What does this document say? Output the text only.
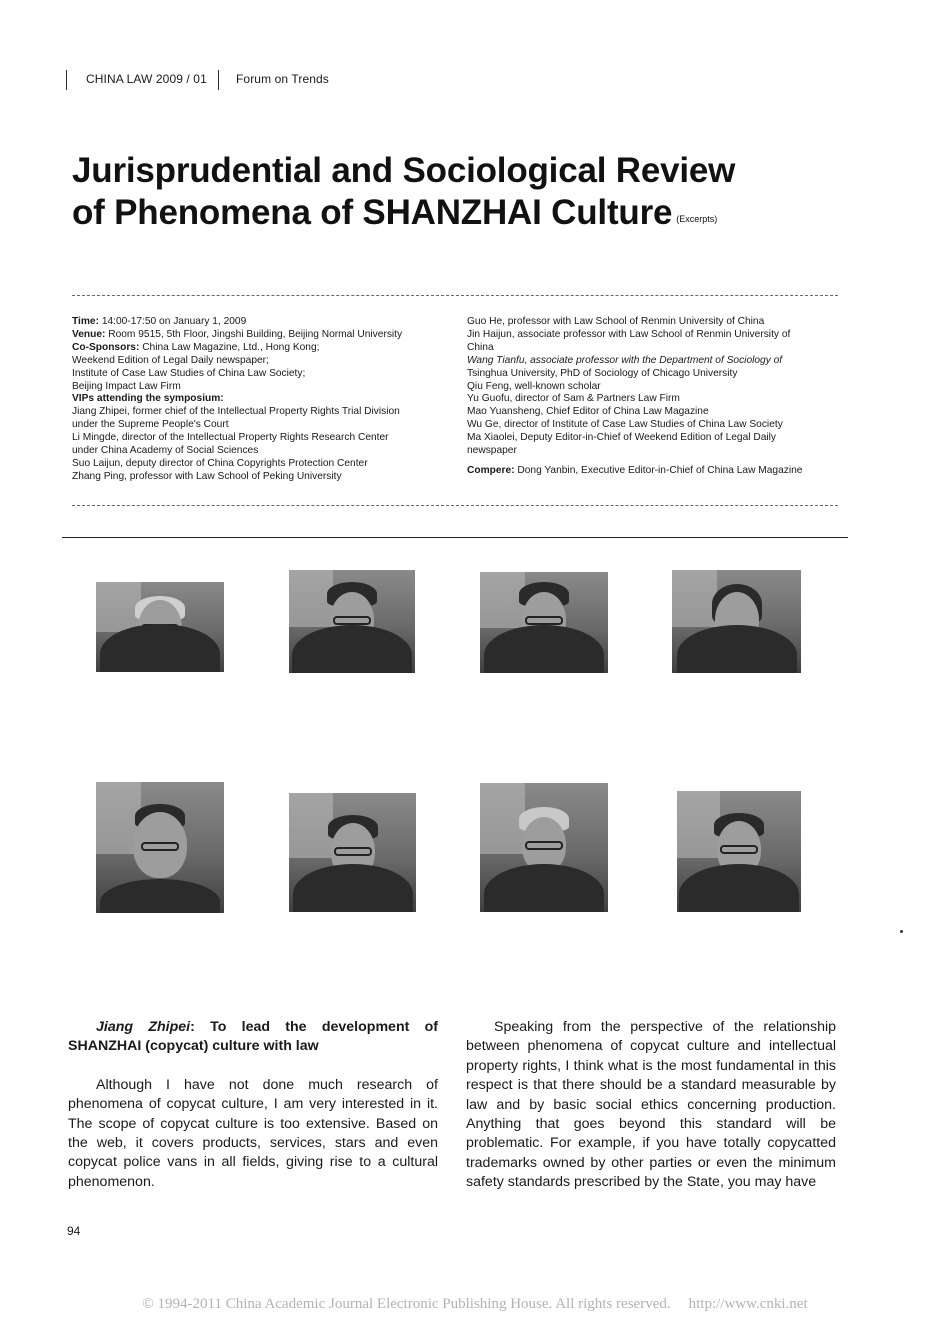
CHINA LAW 2009 / 01 Forum on Trends
Jurisprudential and Sociological Review
of Phenomena of SHANZHAI Culture (Excerpts)
Time: 14:00-17:50 on January 1, 2009
Venue: Room 9515, 5th Floor, Jingshi Building, Beijing Normal University
Co-Sponsors: China Law Magazine, Ltd., Hong Kong;
Weekend Edition of Legal Daily newspaper;
Institute of Case Law Studies of China Law Society;
Beijing Impact Law Firm
VIPs attending the symposium:
Jiang Zhipei, former chief of the Intellectual Property Rights Trial Division
under the Supreme People's Court
Li Mingde, director of the Intellectual Property Rights Research Center
under China Academy of Social Sciences
Suo Laijun, deputy director of China Copyrights Protection Center
Zhang Ping, professor with Law School of Peking University
Guo He, professor with Law School of Renmin University of China
Jin Haijun, associate professor with Law School of Renmin University of
China
Wang Tianfu, associate professor with the Department of Sociology of
Tsinghua University, PhD of Sociology of Chicago University
Qiu Feng, well-known scholar
Yu Guofu, director of Sam & Partners Law Firm
Mao Yuansheng, Chief Editor of China Law Magazine
Wu Ge, director of Institute of Case Law Studies of China Law Society
Ma Xiaolei, Deputy Editor-in-Chief of Weekend Edition of Legal Daily
newspaper
Compere: Dong Yanbin, Executive Editor-in-Chief of China Law Magazine

Jiang Zhipei: To lead the development of SHANZHAI (copycat) culture with law

Although I have not done much research of phenomena of copycat culture, I am very interested in it. The scope of copycat culture is too extensive. Based on the web, it covers products, services, stars and even copycat police vans in all fields, giving rise to a cultural phenomenon.

Speaking from the perspective of the relationship between phenomena of copycat culture and intellectual property rights, I think what is the most fundamental in this respect is that there should be a standard measurable by law and by basic social ethics concerning production. Anything that goes beyond this standard will be problematic. For example, if you have totally copycatted trademarks owned by other parties or even the minimum safety standards prescribed by the State, you may have

94
© 1994-2011 China Academic Journal Electronic Publishing House. All rights reserved. http://www.cnki.net
